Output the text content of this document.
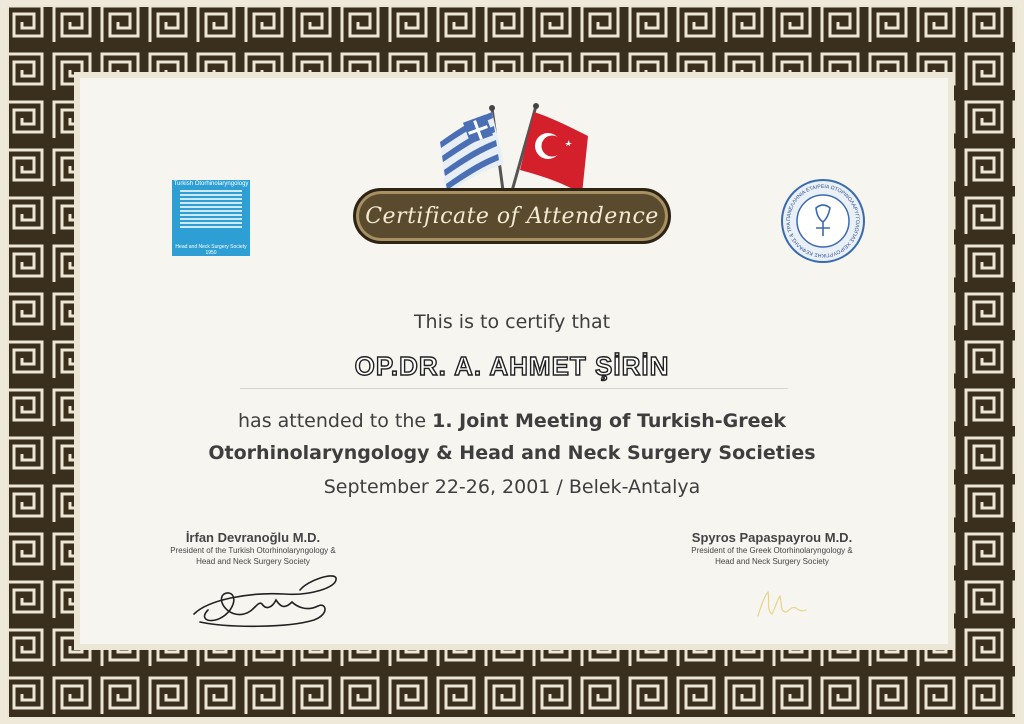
Certificate of Attendence
Turkish Otorhinolaryngology
Head and Neck Surgery Society
1950
ΠΑΝΕΛΛΗΝΙΑ ΕΤΑΙΡΕΙΑ ΩΤΟΡΙΝΟΛΑΡΥΓΓΟΛΟΓΙΑΣ ΧΕΙΡΟΥΡΓΙΚΗΣ ΚΕΦΑΛΗΣ & ΤΡΑ
This is to certify that
OP.DR. A. AHMET ŞİRİN
has attended to the 1. Joint Meeting of Turkish-Greek
Otorhinolaryngology & Head and Neck Surgery Societies
September 22-26, 2001 / Belek-Antalya
İrfan Devranoğlu M.D.
President of the Turkish Otorhinolaryngology &
Head and Neck Surgery Society
Spyros Papaspayrou M.D.
President of the Greek Otorhinolaryngology &
Head and Neck Surgery Society
